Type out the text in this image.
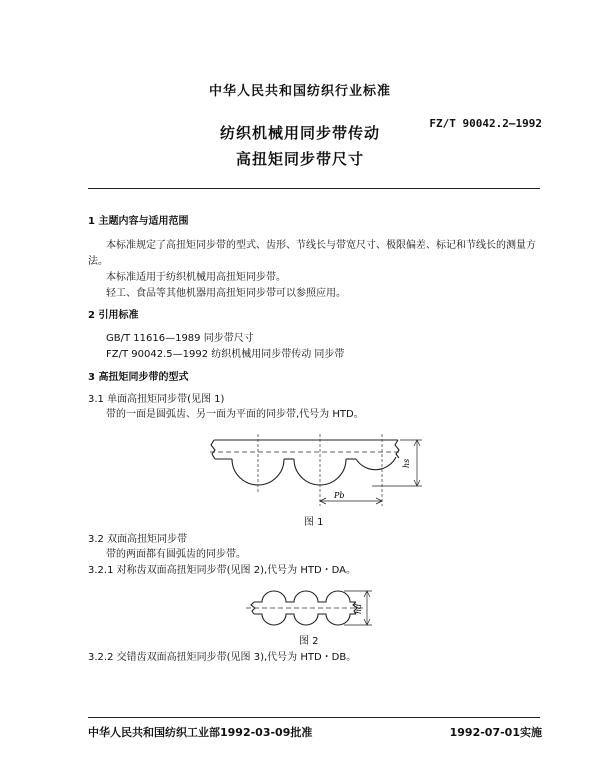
中华人民共和国纺织行业标准
纺织机械用同步带传动
高扭矩同步带尺寸
FZ/T 90042.2—1992
1 主题内容与适用范围
本标准规定了高扭矩同步带的型式、齿形、节线长与带宽尺寸、极限偏差、标记和节线长的测量方
法。
本标准适用于纺织机械用高扭矩同步带。
轻工、食品等其他机器用高扭矩同步带可以参照应用。
2 引用标准
GB/T 11616—1989 同步带尺寸
FZ/T 90042.5—1992 纺织机械用同步带传动 同步带
3 高扭矩同步带的型式
3.1 单面高扭矩同步带(见图 1)
带的一面是圆弧齿、另一面为平面的同步带,代号为 HTD。
hs
Pb
图 1
3.2 双面高扭矩同步带
带的两面都有圆弧齿的同步带。
3.2.1 对称齿双面高扭矩同步带(见图 2),代号为 HTD・DA。
hd
图 2
3.2.2 交错齿双面高扭矩同步带(见图 3),代号为 HTD・DB。
中华人民共和国纺织工业部1992-03-09批准	1992-07-01实施
